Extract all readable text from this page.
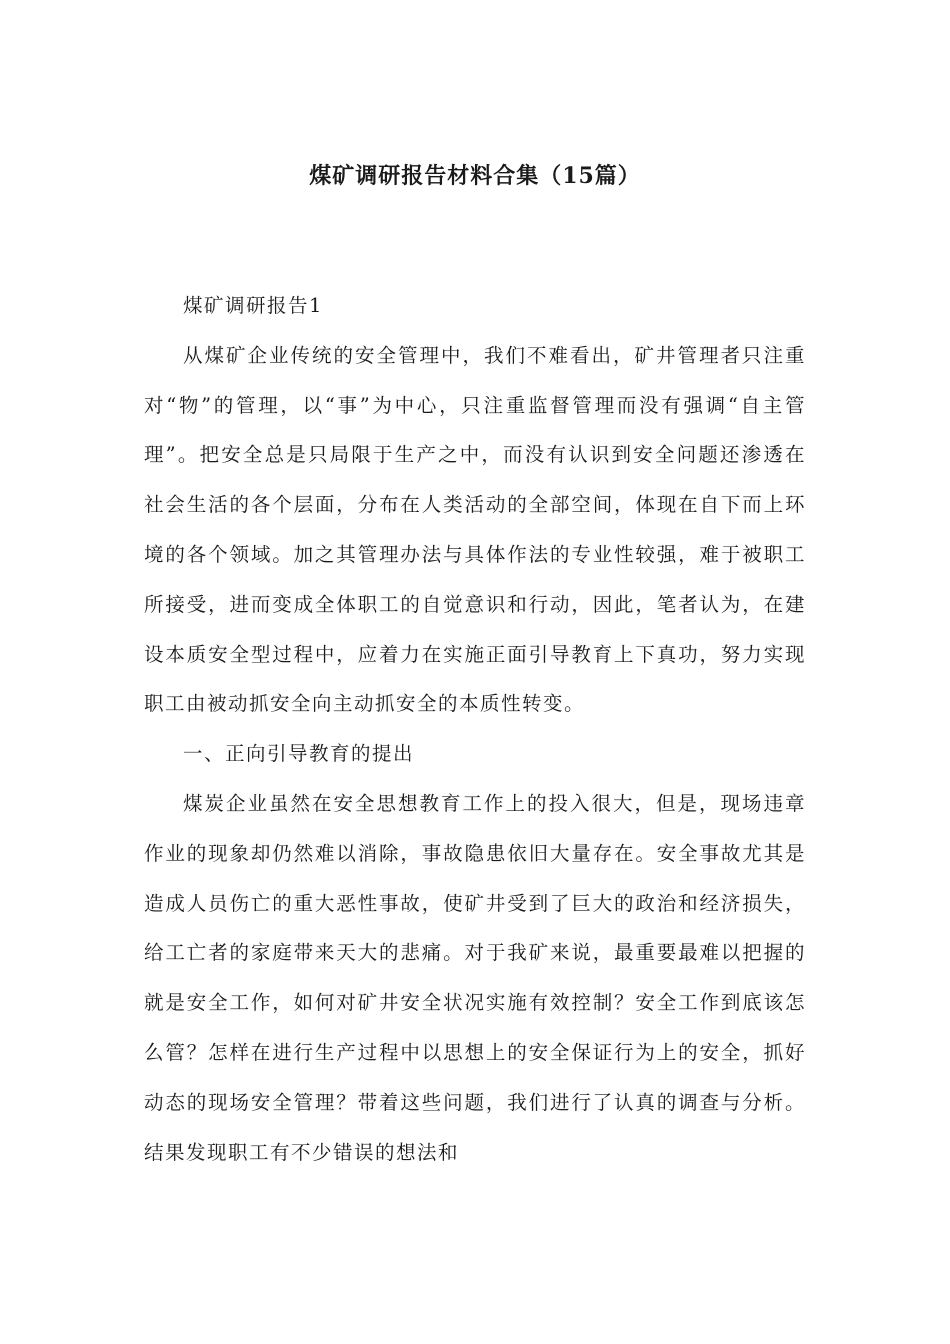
煤矿调研报告材料合集（15篇）

煤矿调研报告1

从煤矿企业传统的安全管理中，我们不难看出，矿井管理者只注重对“物”的管理，以“事”为中心，只注重监督管理而没有强调“自主管理”。把安全总是只局限于生产之中，而没有认识到安全问题还渗透在社会生活的各个层面，分布在人类活动的全部空间，体现在自下而上环境的各个领域。加之其管理办法与具体作法的专业性较强，难于被职工所接受，进而变成全体职工的自觉意识和行动，因此，笔者认为，在建设本质安全型过程中，应着力在实施正面引导教育上下真功，努力实现职工由被动抓安全向主动抓安全的本质性转变。

一、正向引导教育的提出

煤炭企业虽然在安全思想教育工作上的投入很大，但是，现场违章作业的现象却仍然难以消除，事故隐患依旧大量存在。安全事故尤其是造成人员伤亡的重大恶性事故，使矿井受到了巨大的政治和经济损失，给工亡者的家庭带来天大的悲痛。对于我矿来说，最重要最难以把握的就是安全工作，如何对矿井安全状况实施有效控制？安全工作到底该怎么管？怎样在进行生产过程中以思想上的安全保证行为上的安全，抓好动态的现场安全管理？带着这些问题，我们进行了认真的调查与分析。结果发现职工有不少错误的想法和
